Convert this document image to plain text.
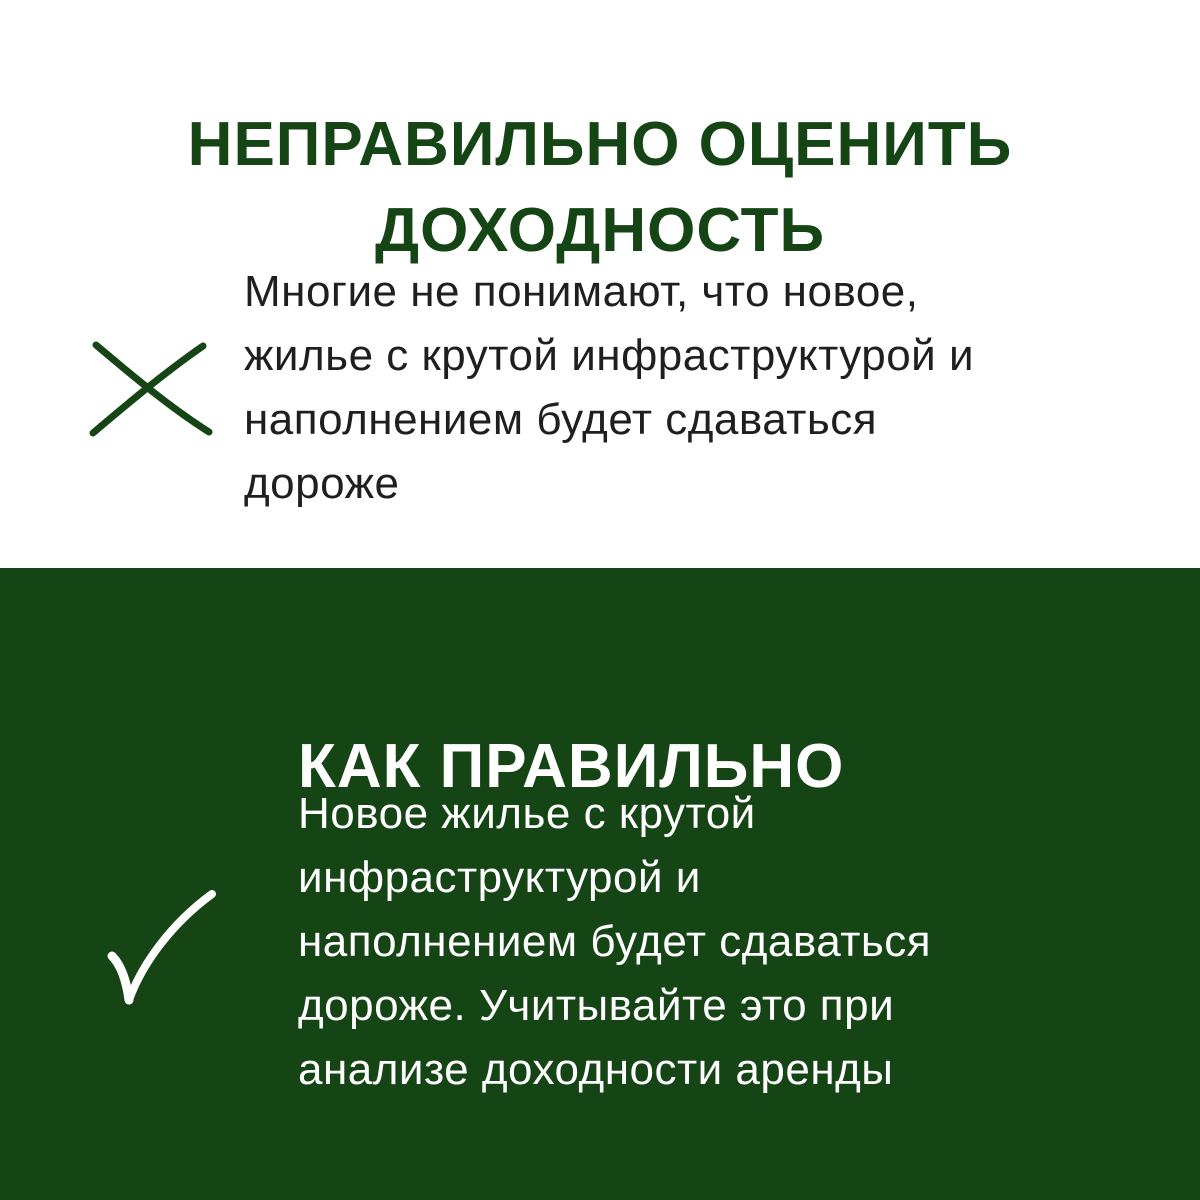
НЕПРАВИЛЬНО ОЦЕНИТЬ
ДОХОДНОСТЬ
Многие не понимают, что новое,
жилье с крутой инфраструктурой и
наполнением будет сдаваться
дороже
КАК ПРАВИЛЬНО
Новое жилье с крутой
инфраструктурой и
наполнением будет сдаваться
дороже. Учитывайте это при
анализе доходности аренды
